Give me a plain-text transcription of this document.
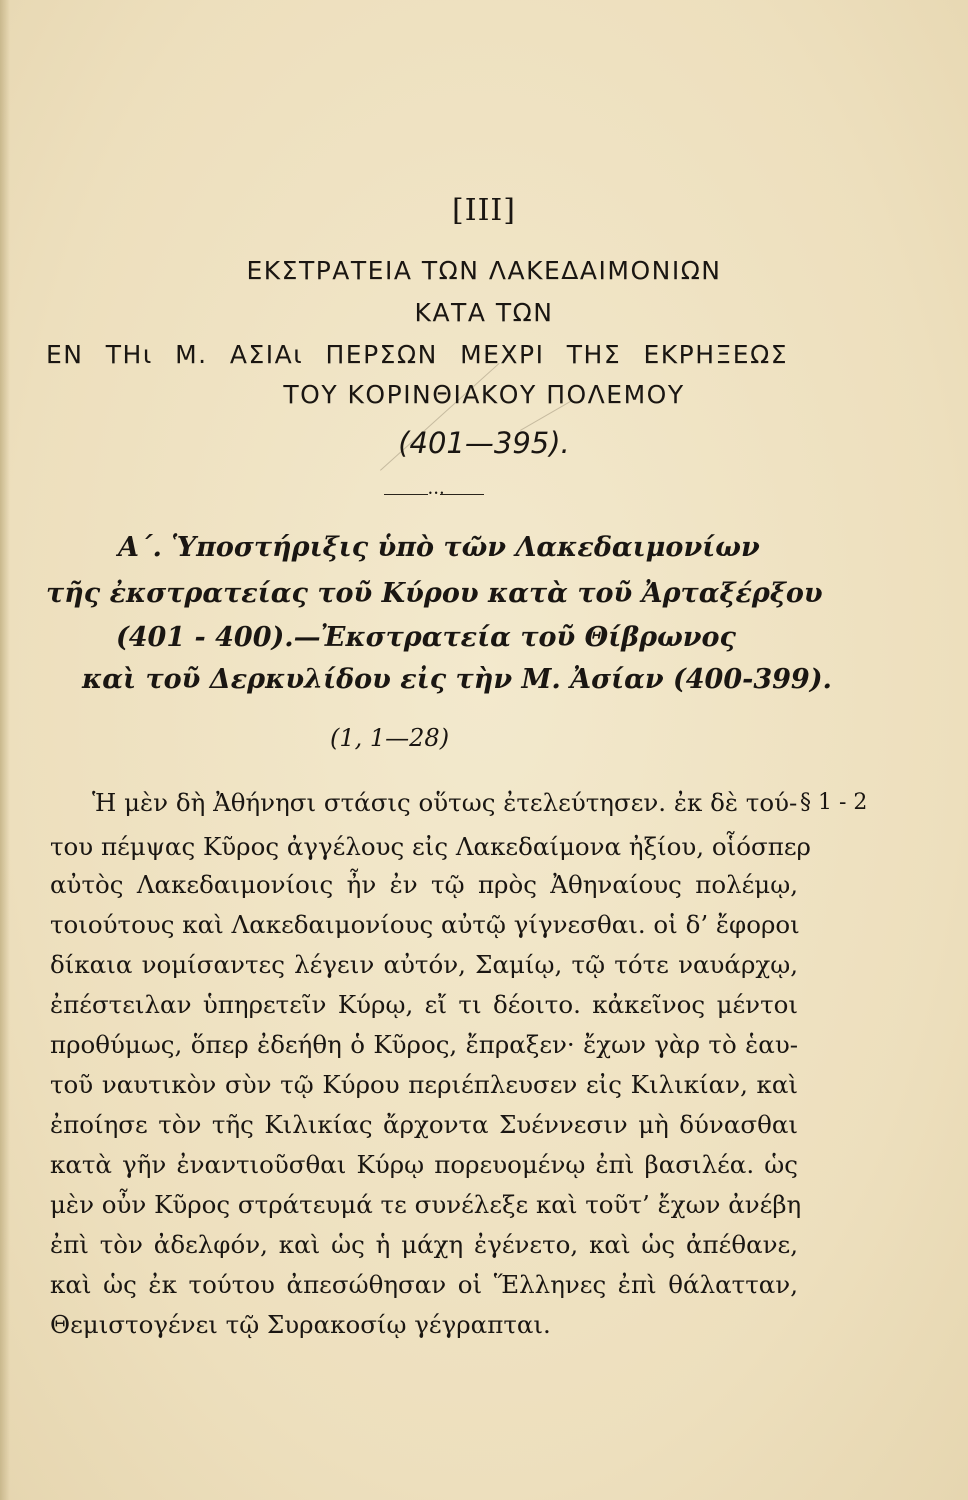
[III]
ΕΚΣΤΡΑΤΕΙΑ ΤΩΝ ΛΑΚΕΔΑΙΜΟΝΙΩΝ
ΚΑΤΑ ΤΩΝ
ΕΝ ΤΗι Μ. ΑΣΙΑι ΠΕΡΣΩΝ ΜΕΧΡΙ ΤΗΣ ΕΚΡΗΞΕΩΣ
ΤΟΥ ΚΟΡΙΝΘΙΑΚΟΥ ΠΟΛΕΜΟΥ
(401—395).
•••
Α΄. Ὑποστήριξις ὑπὸ τῶν Λακεδαιμονίων
τῆς ἐκστρατείας τοῦ Κύρου κατὰ τοῦ Ἀρταξέρξου
(401 - 400).—Ἐκστρατεία τοῦ Θίβρωνος
καὶ τοῦ Δερκυλίδου εἰς τὴν Μ. Ἀσίαν (400-399).
(1, 1—28)
§ 1 - 2
Ἡ μὲν δὴ Ἀθήνησι στάσις οὕτως ἐτελεύτησεν. ἐκ δὲ τού-
του πέμψας Κῦρος ἀγγέλους εἰς Λακεδαίμονα ἠξίου, οἷόσπερ
αὐτὸς Λακεδαιμονίοις ἦν ἐν τῷ πρὸς Ἀθηναίους πολέμῳ,
τοιούτους καὶ Λακεδαιμονίους αὐτῷ γίγνεσθαι. οἱ δ’ ἔφοροι
δίκαια νομίσαντες λέγειν αὐτόν, Σαμίῳ, τῷ τότε ναυάρχῳ,
ἐπέστειλαν ὑπηρετεῖν Κύρῳ, εἴ τι δέοιτο. κἀκεῖνος μέντοι
προθύμως, ὅπερ ἐδεήθη ὁ Κῦρος, ἔπραξεν· ἔχων γὰρ τὸ ἑαυ-
τοῦ ναυτικὸν σὺν τῷ Κύρου περιέπλευσεν εἰς Κιλικίαν, καὶ
ἐποίησε τὸν τῆς Κιλικίας ἄρχοντα Συέννεσιν μὴ δύνασθαι
κατὰ γῆν ἐναντιοῦσθαι Κύρῳ πορευομένῳ ἐπὶ βασιλέα. ὡς
μὲν οὖν Κῦρος στράτευμά τε συνέλεξε καὶ τοῦτ’ ἔχων ἀνέβη
ἐπὶ τὸν ἀδελφόν, καὶ ὡς ἡ μάχη ἐγένετο, καὶ ὡς ἀπέθανε,
καὶ ὡς ἐκ τούτου ἀπεσώθησαν οἱ Ἕλληνες ἐπὶ θάλατταν,
Θεμιστογένει τῷ Συρακοσίῳ γέγραπται.
